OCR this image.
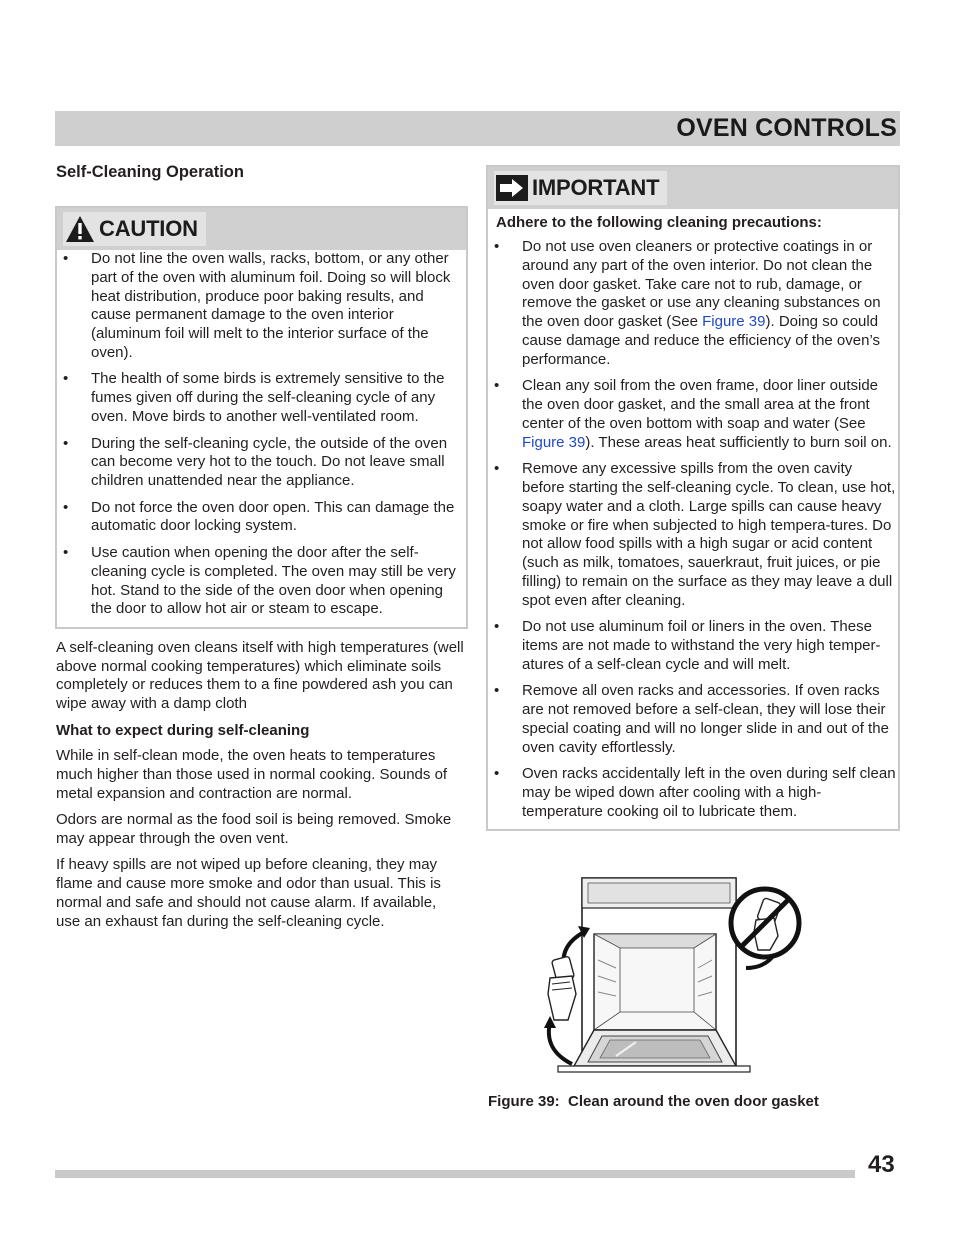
OVEN CONTROLS
Self-Cleaning Operation
CAUTION
• Do not line the oven walls, racks, bottom, or any other part of the oven with aluminum foil. Doing so will block heat distribution, produce poor baking results, and cause permanent damage to the oven interior (aluminum foil will melt to the interior surface of the oven).
• The health of some birds is extremely sensitive to the fumes given off during the self-cleaning cycle of any oven. Move birds to another well-ventilated room.
• During the self-cleaning cycle, the outside of the oven can become very hot to the touch. Do not leave small children unattended near the appliance.
• Do not force the oven door open. This can damage the automatic door locking system.
• Use caution when opening the door after the self-cleaning cycle is completed. The oven may still be very hot. Stand to the side of the oven door when opening the door to allow hot air or steam to escape.

A self-cleaning oven cleans itself with high temperatures (well above normal cooking temperatures) which eliminate soils completely or reduces them to a fine powdered ash you can wipe away with a damp cloth

What to expect during self-cleaning

While in self-clean mode, the oven heats to temperatures much higher than those used in normal cooking. Sounds of metal expansion and contraction are normal.

Odors are normal as the food soil is being removed. Smoke may appear through the oven vent.

If heavy spills are not wiped up before cleaning, they may flame and cause more smoke and odor than usual. This is normal and safe and should not cause alarm. If available, use an exhaust fan during the self-cleaning cycle.

IMPORTANT
Adhere to the following cleaning precautions:
• Do not use oven cleaners or protective coatings in or around any part of the oven interior. Do not clean the oven door gasket. Take care not to rub, damage, or remove the gasket or use any cleaning substances on the oven door gasket (See Figure 39). Doing so could cause damage and reduce the efficiency of the oven’s performance.
• Clean any soil from the oven frame, door liner outside the oven door gasket, and the small area at the front center of the oven bottom with soap and water (See Figure 39). These areas heat sufficiently to burn soil on.
• Remove any excessive spills from the oven cavity before starting the self-cleaning cycle. To clean, use hot, soapy water and a cloth. Large spills can cause heavy smoke or fire when subjected to high tempera-tures. Do not allow food spills with a high sugar or acid content (such as milk, tomatoes, sauerkraut, fruit juices, or pie filling) to remain on the surface as they may leave a dull spot even after cleaning.
• Do not use aluminum foil or liners in the oven. These items are not made to withstand the very high temper-atures of a self-clean cycle and will melt.
• Remove all oven racks and accessories. If oven racks are not removed before a self-clean, they will lose their special coating and will no longer slide in and out of the oven cavity effortlessly.
• Oven racks accidentally left in the oven during self clean may be wiped down after cooling with a high-temperature cooking oil to lubricate them.
Figure 39:  Clean around the oven door gasket
43
